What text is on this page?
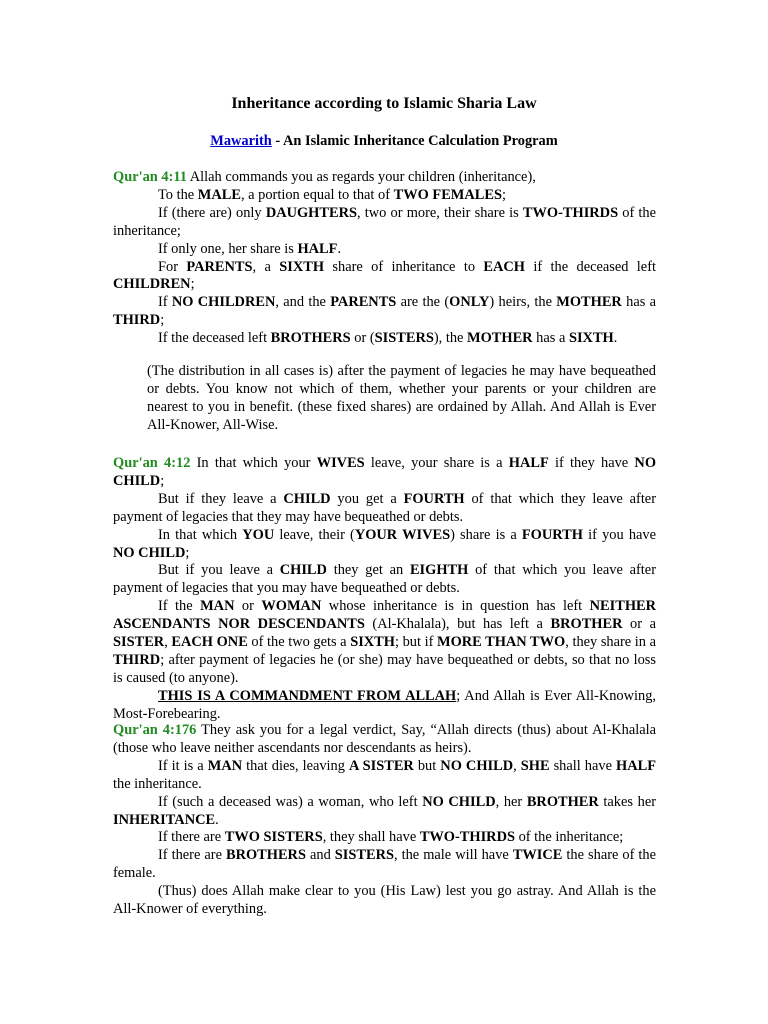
Inheritance according to Islamic Sharia Law
Mawarith - An Islamic Inheritance Calculation Program

Qur'an 4:11 Allah commands you as regards your children (inheritance),

To the MALE, a portion equal to that of TWO FEMALES;

If (there are) only DAUGHTERS, two or more, their share is TWO-THIRDS of the inheritance;

If only one, her share is HALF.

For PARENTS, a SIXTH share of inheritance to EACH if the deceased left CHILDREN;

If NO CHILDREN, and the PARENTS are the (ONLY) heirs, the MOTHER has a THIRD;

If the deceased left BROTHERS or (SISTERS), the MOTHER has a SIXTH.

(The distribution in all cases is) after the payment of legacies he may have bequeathed or debts. You know not which of them, whether your parents or your children are nearest to you in benefit. (these fixed shares) are ordained by Allah. And Allah is Ever All-Knower, All-Wise.

Qur'an 4:12 In that which your WIVES leave, your share is a HALF if they have NO CHILD;

But if they leave a CHILD you get a FOURTH of that which they leave after payment of legacies that they may have bequeathed or debts.

In that which YOU leave, their (YOUR WIVES) share is a FOURTH if you have NO CHILD;

But if you leave a CHILD they get an EIGHTH of that which you leave after payment of legacies that you may have bequeathed or debts.

If the MAN or WOMAN whose inheritance is in question has left NEITHER ASCENDANTS NOR DESCENDANTS (Al-Khalala), but has left a BROTHER or a SISTER, EACH ONE of the two gets a SIXTH; but if MORE THAN TWO, they share in a THIRD; after payment of legacies he (or she) may have bequeathed or debts, so that no loss is caused (to anyone).

THIS IS A COMMANDMENT FROM ALLAH; And Allah is Ever All-Knowing, Most-Forebearing.

Qur'an 4:176 They ask you for a legal verdict, Say, “Allah directs (thus) about Al-Khalala (those who leave neither ascendants nor descendants as heirs).

If it is a MAN that dies, leaving A SISTER but NO CHILD, SHE shall have HALF the inheritance.

If (such a deceased was) a woman, who left NO CHILD, her BROTHER takes her INHERITANCE.

If there are TWO SISTERS, they shall have TWO-THIRDS of the inheritance;

If there are BROTHERS and SISTERS, the male will have TWICE the share of the female.

(Thus) does Allah make clear to you (His Law) lest you go astray. And Allah is the All-Knower of everything.
